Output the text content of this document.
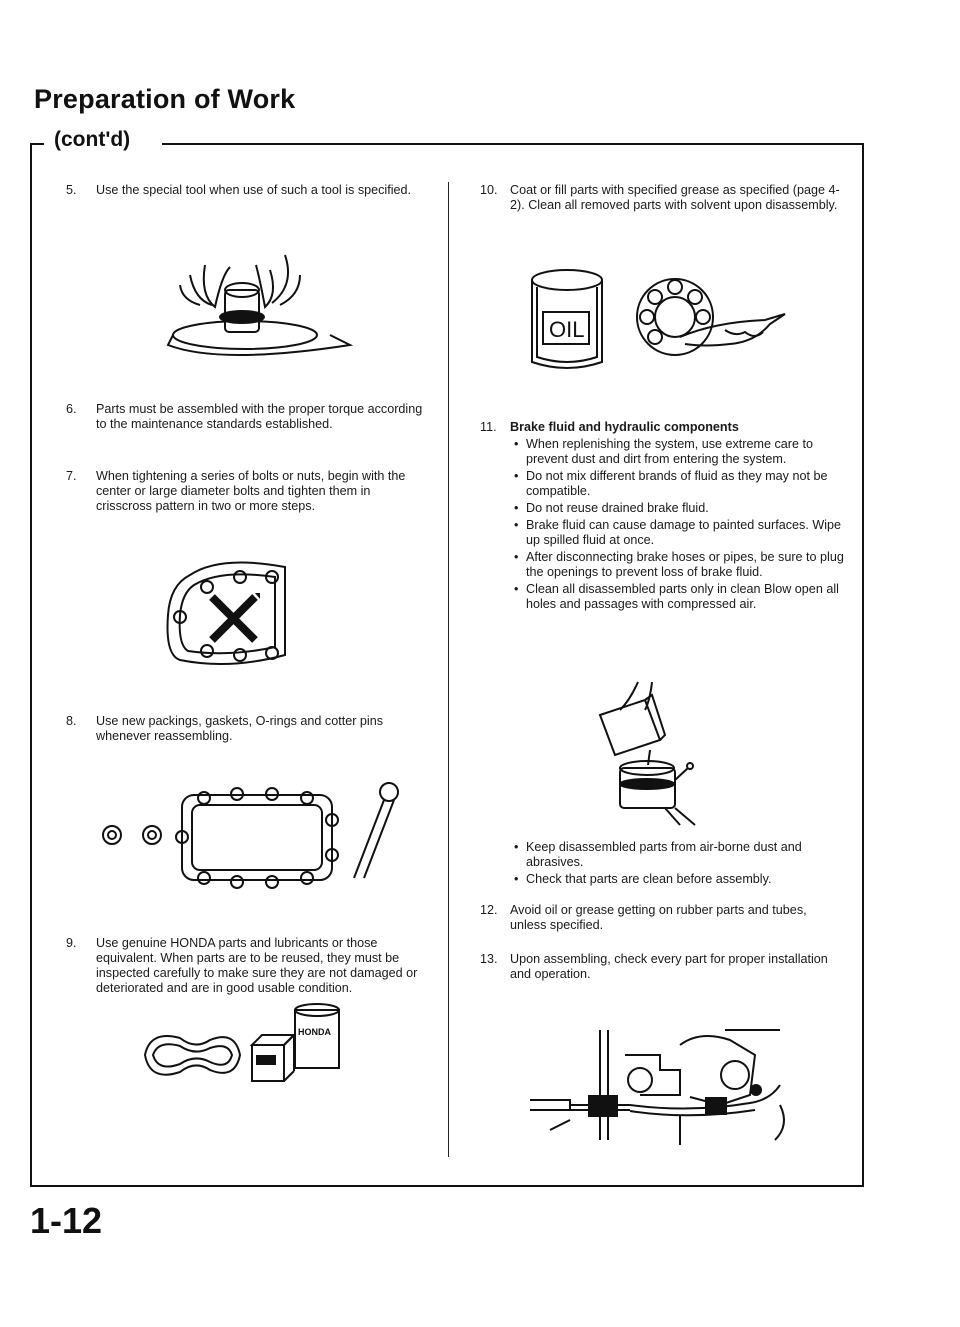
Preparation of Work
(cont'd)
5.	Use the special tool when use of such a tool is specified.
6.	Parts must be assembled with the proper torque according to the maintenance standards established.
7.	When tightening a series of bolts or nuts, begin with the center or large diameter bolts and tighten them in crisscross pattern in two or more steps.
8.	Use new packings, gaskets, O-rings and cotter pins whenever reassembling.
9.	Use genuine HONDA parts and lubricants or those equivalent. When parts are to be reused, they must be inspected carefully to make sure they are not damaged or deteriorated and are in good usable condition.
HONDA
10. Coat or fill parts with specified grease as specified (page 4-2). Clean all removed parts with solvent upon disassembly.
OIL
11.	Brake fluid and hydraulic components
• When replenishing the system, use extreme care to prevent dust and dirt from entering the system.
• Do not mix different brands of fluid as they may not be compatible.
• Do not reuse drained brake fluid.
• Brake fluid can cause damage to painted surfaces. Wipe up spilled fluid at once.
• After disconnecting brake hoses or pipes, be sure to plug the openings to prevent loss of brake fluid.
• Clean all disassembled parts only in clean Blow open all holes and passages with compressed air.
• Keep disassembled parts from air-borne dust and abrasives.
• Check that parts are clean before assembly.
12. Avoid oil or grease getting on rubber parts and tubes, unless specified.
13. Upon assembling, check every part for proper installation and operation.
1-12
